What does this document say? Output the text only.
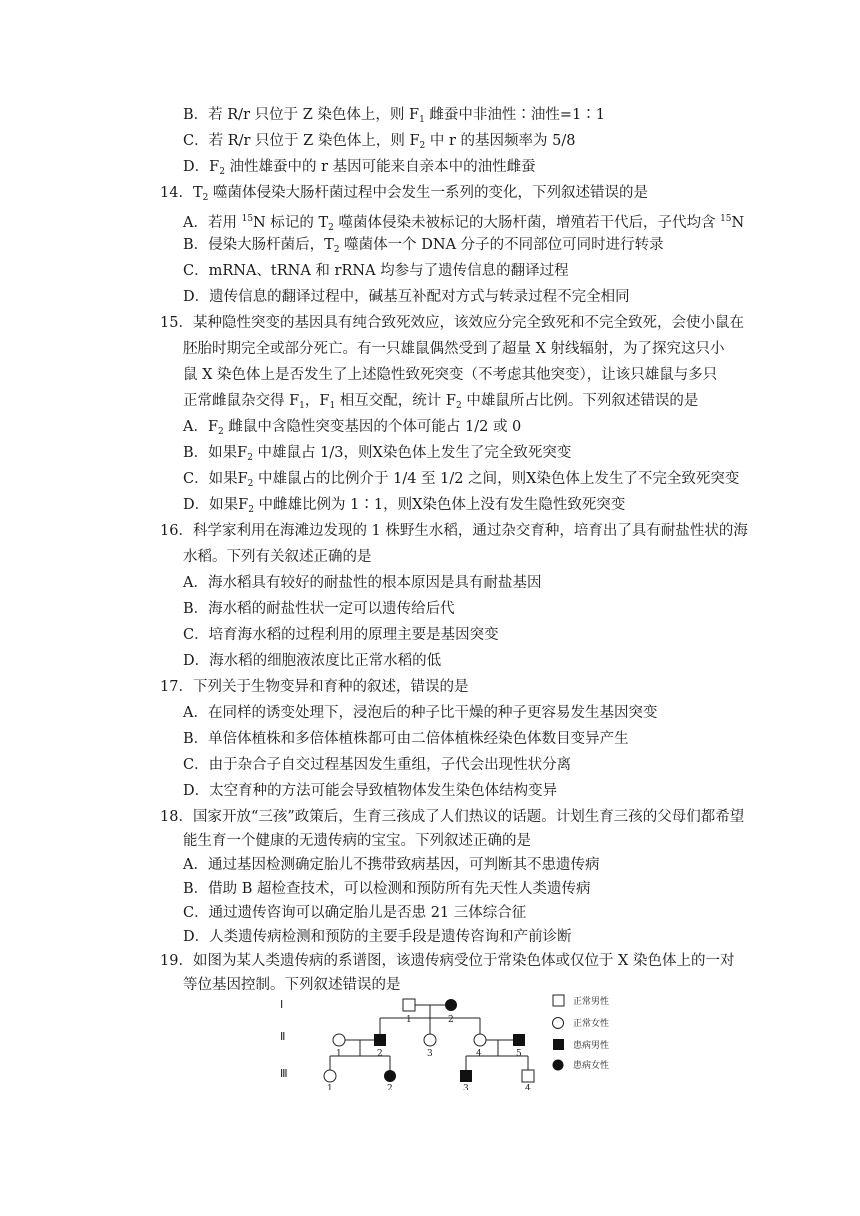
B．若 R/r 只位于 Z 染色体上，则 $F_1$ 雌蚕中非油性∶油性=1∶1
C．若 R/r 只位于 Z 染色体上，则 $F_2$ 中 r 的基因频率为 5/8
D．$F_2$ 油性雄蚕中的 r 基因可能来自亲本中的油性雌蚕
14．$T_2$ 噬菌体侵染大肠杆菌过程中会发生一系列的变化，下列叙述错误的是
A．若用 $^{15}$N 标记的 $T_2$ 噬菌体侵染未被标记的大肠杆菌，增殖若干代后，子代均含 $^{15}$N
B．侵染大肠杆菌后，$T_2$ 噬菌体一个 DNA 分子的不同部位可同时进行转录
C．mRNA、tRNA 和 rRNA 均参与了遗传信息的翻译过程
D．遗传信息的翻译过程中，碱基互补配对方式与转录过程不完全相同
15．某种隐性突变的基因具有纯合致死效应，该效应分完全致死和不完全致死，会使小鼠在
胚胎时期完全或部分死亡。有一只雄鼠偶然受到了超量 X 射线辐射，为了探究这只小
鼠 X 染色体上是否发生了上述隐性致死突变（不考虑其他突变），让该只雄鼠与多只
正常雌鼠杂交得 $F_1$，$F_1$ 相互交配，统计 $F_2$ 中雄鼠所占比例。下列叙述错误的是
A．$F_2$ 雌鼠中含隐性突变基因的个体可能占 1/2 或 0
B．如果$F_2$ 中雄鼠占 1/3，则X染色体上发生了完全致死突变
C．如果$F_2$ 中雄鼠占的比例介于 1/4 至 1/2 之间，则X染色体上发生了不完全致死突变
D．如果$F_2$ 中雌雄比例为 1∶1，则X染色体上没有发生隐性致死突变
16．科学家利用在海滩边发现的 1 株野生水稻，通过杂交育种，培育出了具有耐盐性状的海
水稻。下列有关叙述正确的是
A．海水稻具有较好的耐盐性的根本原因是具有耐盐基因
B．海水稻的耐盐性状一定可以遗传给后代
C．培育海水稻的过程利用的原理主要是基因突变
D．海水稻的细胞液浓度比正常水稻的低
17．下列关于生物变异和育种的叙述，错误的是
A．在同样的诱变处理下，浸泡后的种子比干燥的种子更容易发生基因突变
B．单倍体植株和多倍体植株都可由二倍体植株经染色体数目变异产生
C．由于杂合子自交过程基因发生重组，子代会出现性状分离
D．太空育种的方法可能会导致植物体发生染色体结构变异
18．国家开放“三孩”政策后，生育三孩成了人们热议的话题。计划生育三孩的父母们都希望
能生育一个健康的无遗传病的宝宝。下列叙述正确的是
A．通过基因检测确定胎儿不携带致病基因，可判断其不患遗传病
B．借助 B 超检查技术，可以检测和预防所有先天性人类遗传病
C．通过遗传咨询可以确定胎儿是否患 21 三体综合征
D．人类遗传病检测和预防的主要手段是遗传咨询和产前诊断
19．如图为某人类遗传病的系谱图，该遗传病受位于常染色体或仅位于 X 染色体上的一对
等位基因控制。下列叙述错误的是
Ⅰ
Ⅱ
Ⅲ
1	2
1	2	3	4	5
1	2	3	4
正常男性
正常女性
患病男性
患病女性
